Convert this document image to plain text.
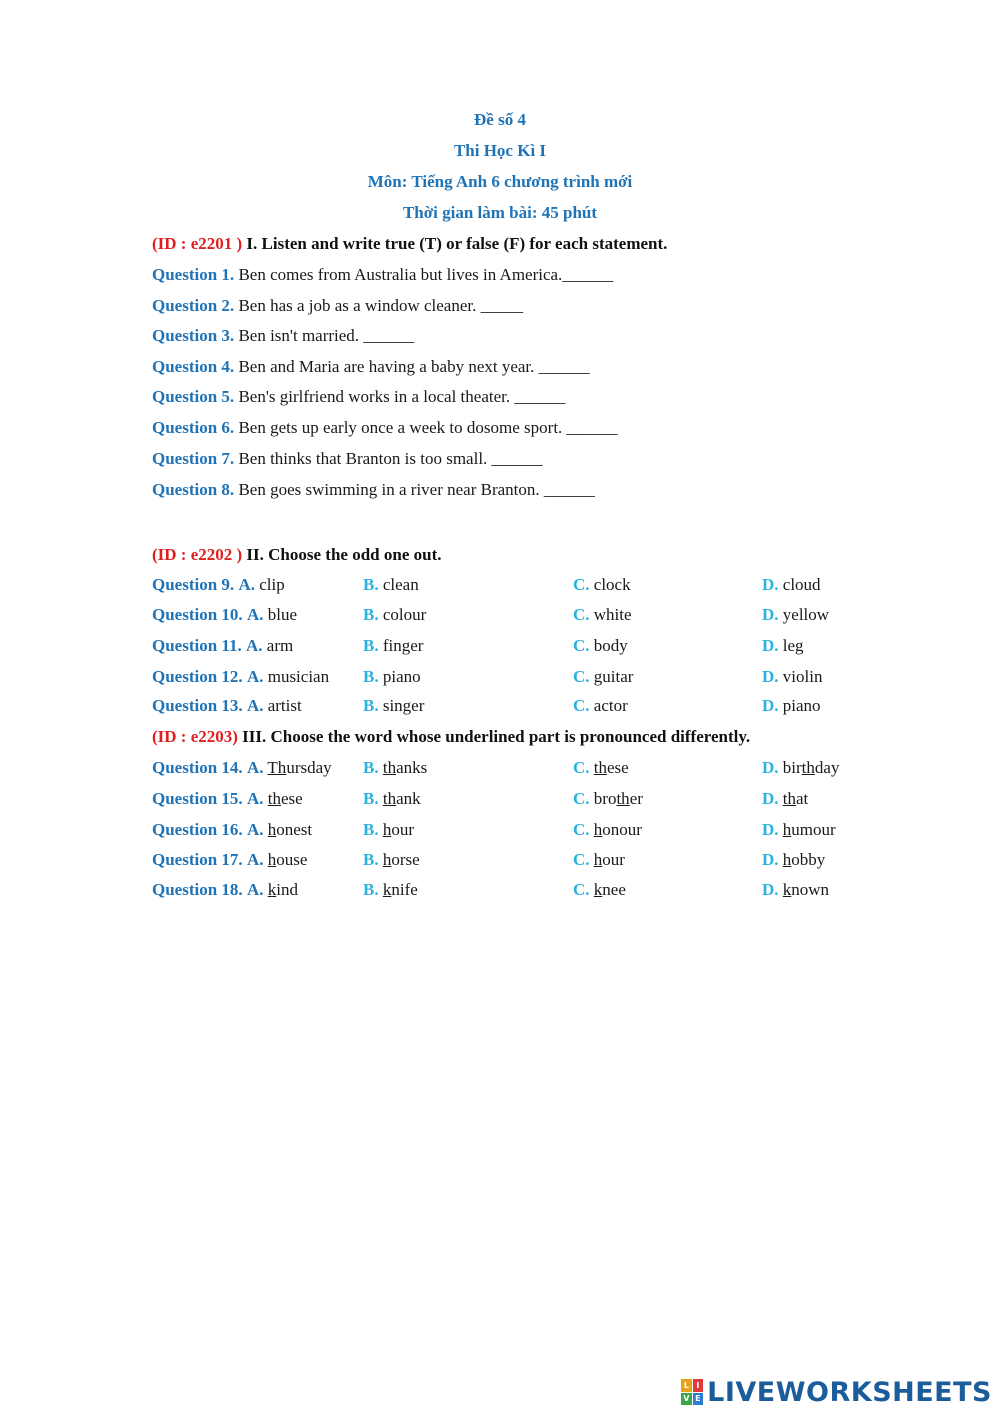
Đề số 4
Thi Học Kì I
Môn: Tiếng Anh 6 chương trình mới
Thời gian làm bài: 45 phút
(ID : e2201 ) I. Listen and write true (T) or false (F) for each statement.
Question 1. Ben comes from Australia but lives in America.______
Question 2. Ben has a job as a window cleaner. _____
Question 3. Ben isn't married. ______
Question 4. Ben and Maria are having a baby next year. ______
Question 5. Ben's girlfriend works in a local theater. ______
Question 6. Ben gets up early once a week to dosome sport. ______
Question 7. Ben thinks that Branton is too small. ______
Question 8. Ben goes swimming in a river near Branton. ______
(ID : e2202 ) II. Choose the odd one out.
Question 9. A. clip	B. clean	C. clock	D. cloud
Question 10. A. blue	B. colour	C. white	D. yellow
Question 11. A. arm	B. finger	C. body	D. leg
Question 12. A. musician B. piano	C. guitar	D. violin
Question 13. A. artist	B. singer	C. actor	D. piano
(ID : e2203) III. Choose the word whose underlined part is pronounced differently.
Question 14. A. Thursday B. thanks	C. these	D. birthday
Question 15. A. these	B. thank	C. brother	D. that
Question 16. A. honest	B. hour	C. honour	D. humour
Question 17. A. house	B. horse	C. hour	D. hobby
Question 18. A. kind	B. knife	C. knee	D. known
L I
V E LIVEWORKSHEETS
